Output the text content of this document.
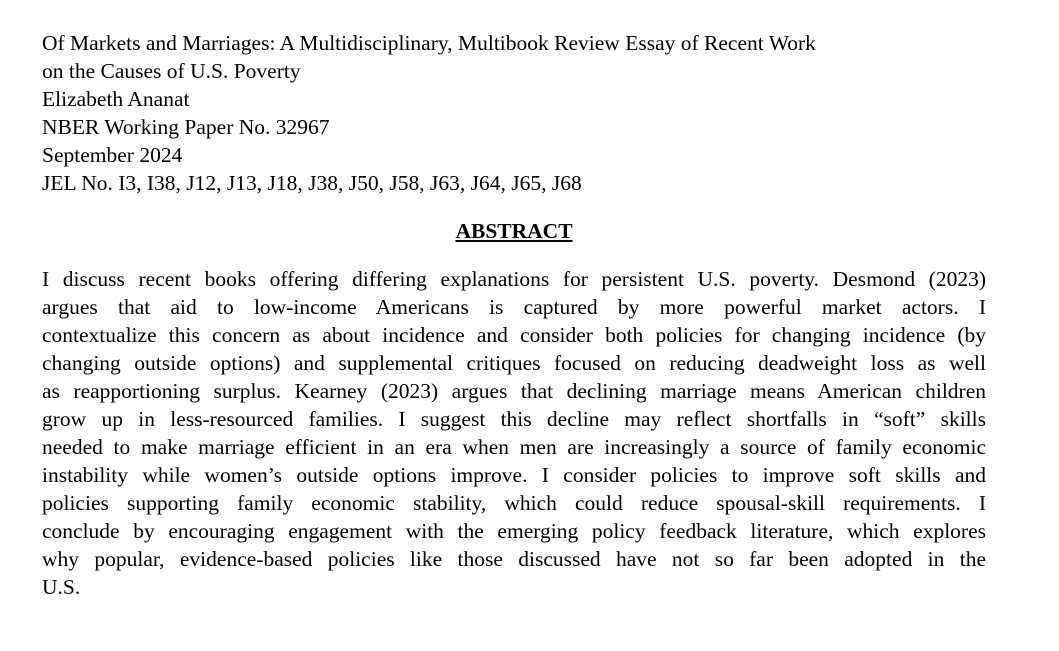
Of Markets and Marriages: A Multidisciplinary, Multibook Review Essay of Recent Work
on the Causes of U.S. Poverty
Elizabeth Ananat
NBER Working Paper No. 32967
September 2024
JEL No. I3, I38, J12, J13, J18, J38, J50, J58, J63, J64, J65, J68
ABSTRACT
I discuss recent books offering differing explanations for persistent U.S. poverty. Desmond (2023)
argues that aid to low-income Americans is captured by more powerful market actors. I
contextualize this concern as about incidence and consider both policies for changing incidence (by
changing outside options) and supplemental critiques focused on reducing deadweight loss as well
as reapportioning surplus. Kearney (2023) argues that declining marriage means American children
grow up in less-resourced families. I suggest this decline may reflect shortfalls in “soft” skills
needed to make marriage efficient in an era when men are increasingly a source of family economic
instability while women’s outside options improve. I consider policies to improve soft skills and
policies supporting family economic stability, which could reduce spousal-skill requirements. I
conclude by encouraging engagement with the emerging policy feedback literature, which explores
why popular, evidence-based policies like those discussed have not so far been adopted in the
U.S.
